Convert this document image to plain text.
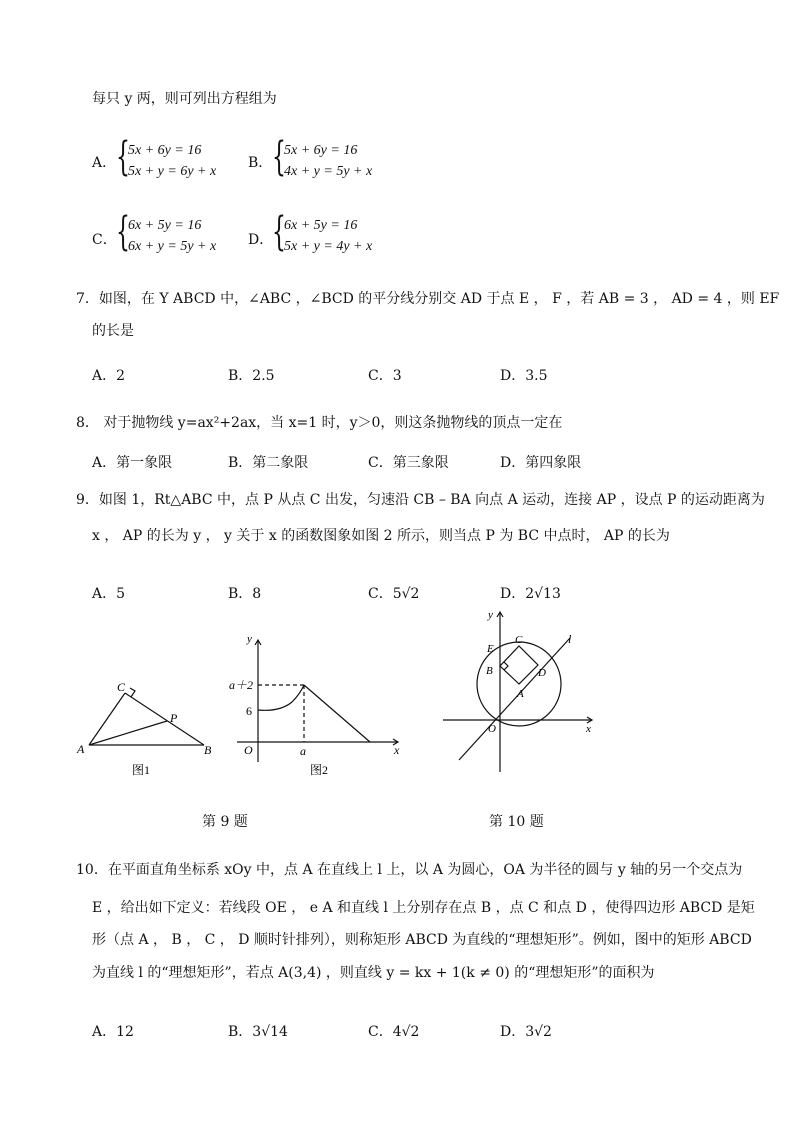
每只 y 两，则可列出方程组为
A． {
5x + 6y = 16
5x + y = 6y + x
B． {
5x + 6y = 16
4x + y = 5y + x
C． {
6x + 5y = 16
6x + y = 5y + x D．
{
6x + 5y = 16
5x + y = 4y + x
7．如图，在 Y ABCD 中，∠ABC ，∠BCD 的平分线分别交 AD 于点 E ， F ，若 AB = 3 ， AD = 4 ，则 EF
的长是
A．2	B．2.5	C．3	D．3.5
8． 对于抛物线 y=ax²+2ax，当 x=1 时，y＞0，则这条抛物线的顶点一定在
A．第一象限	B．第二象限	C．第三象限	D．第四象限
9．如图 1，Rt△ABC 中，点 P 从点 C 出发，匀速沿 CB – BA 向点 A 运动，连接 AP ，设点 P 的运动距离为
x ， AP 的长为 y ， y 关于 x 的函数图象如图 2 所示，则当点 P 为 BC 中点时， AP 的长为
A．5	B．8	C．5√2	D．2√13
C
P
A	B
图1
y
a＋2
6
O	a	x
图2
y
x
l
C
E
B	D
A
O
第 9 题	第 10 题
10．在平面直角坐标系 xOy 中，点 A 在直线上 l 上，以 A 为圆心，OA 为半径的圆与 y 轴的另一个交点为
E ，给出如下定义：若线段 OE ， e A 和直线 l 上分别存在点 B ，点 C 和点 D ，使得四边形 ABCD 是矩
形（点 A ， B ， C ， D 顺时针排列），则称矩形 ABCD 为直线的“理想矩形”。例如，图中的矩形 ABCD
为直线 l 的“理想矩形”，若点 A(3,4) ，则直线 y = kx + 1(k ≠ 0) 的“理想矩形”的面积为
A．12	B．3√14	C．4√2	D．3√2
